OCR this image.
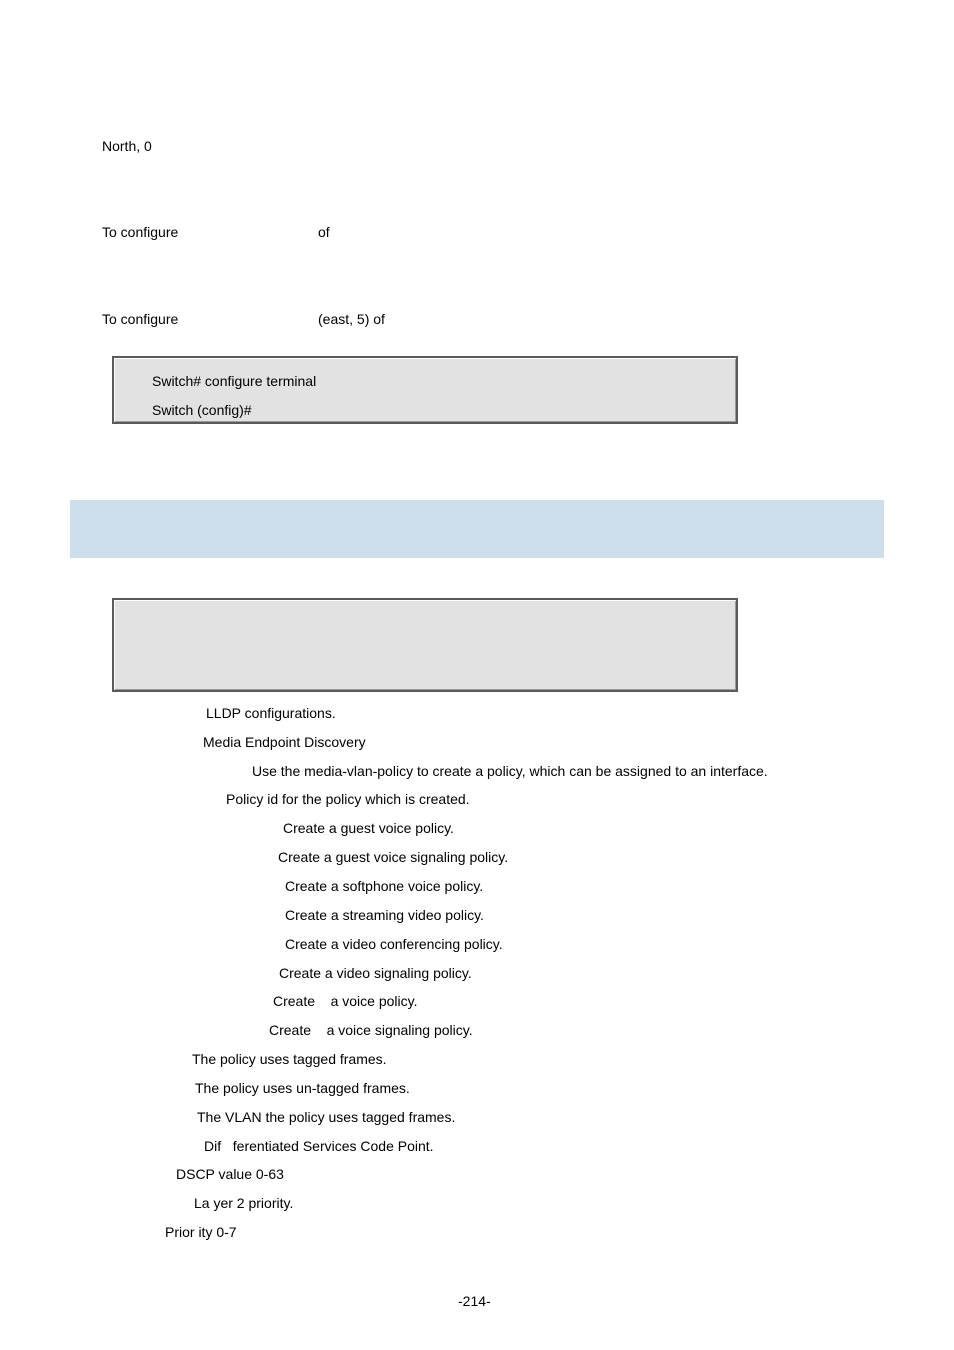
North, 0
To configure	of
To configure	(east, 5) of
Switch# configure terminal
Switch (config)#
LLDP configurations.
Media Endpoint Discovery
Use the media-vlan-policy to create a policy, which can be assigned to an interface.
Policy id for the policy which is created.
Create a guest voice policy.
Create a guest voice signaling policy.
Create a softphone voice policy.
Create a streaming video policy.
Create a video conferencing policy.
Create a video signaling policy.
Create    a voice policy.
Create    a voice signaling policy.
The policy uses tagged frames.
The policy uses un-tagged frames.
The VLAN the policy uses tagged frames.
Dif   ferentiated Services Code Point.
DSCP value 0-63
La yer 2 priority.
Prior ity 0-7
-214-
